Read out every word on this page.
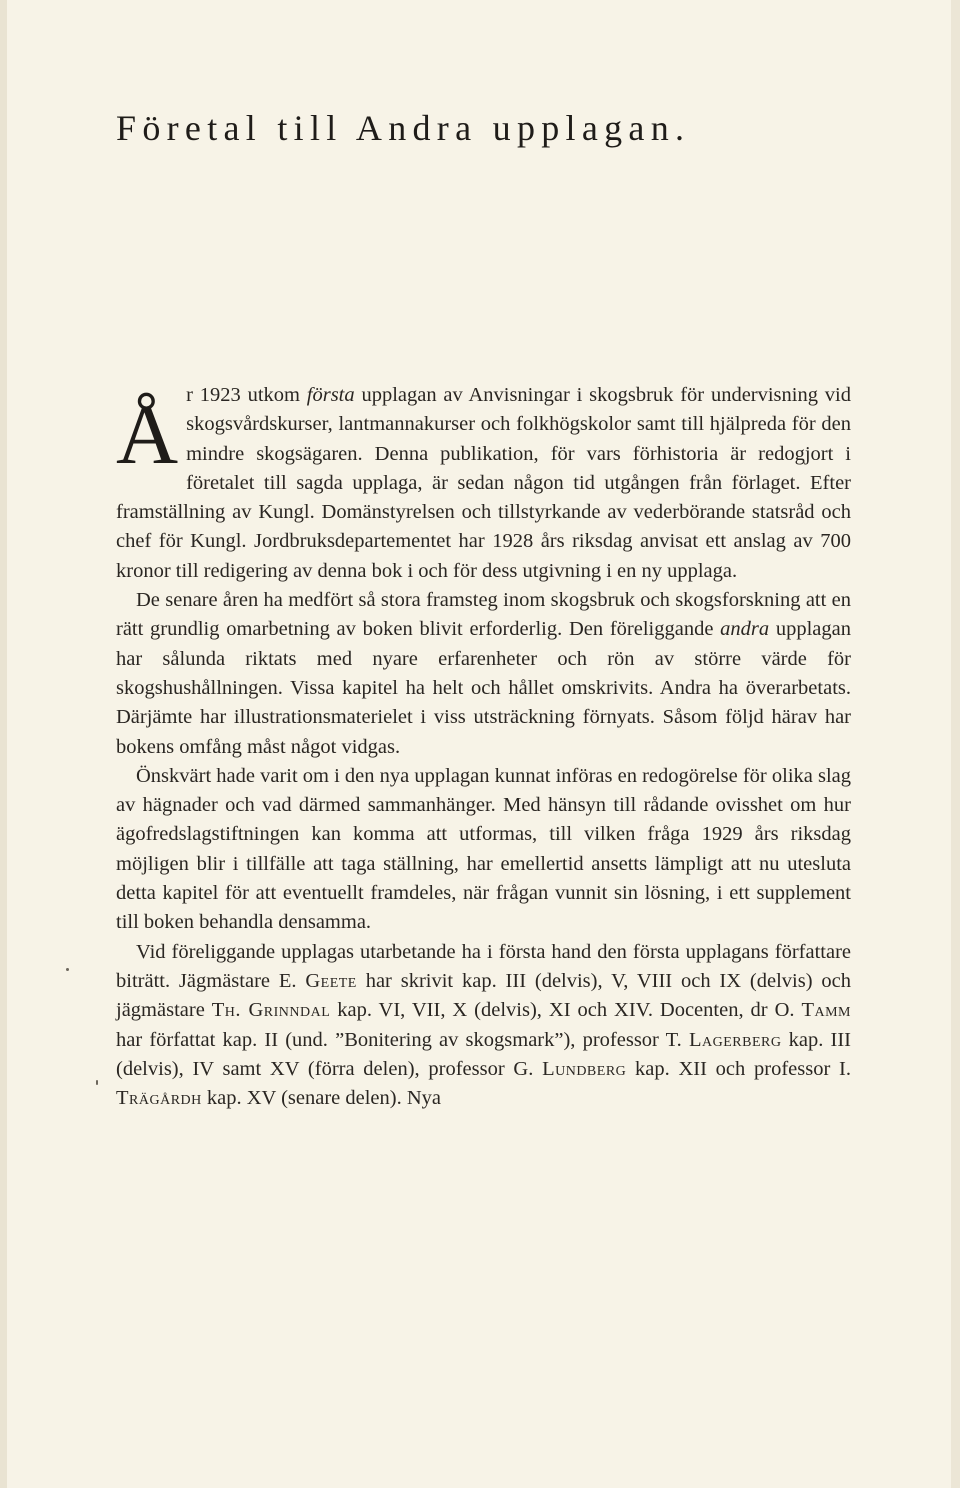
Företal till Andra upplagan.

År 1923 utkom första upplagan av Anvisningar i skogsbruk för undervisning vid skogsvårdskurser, lantmannakurser och folkhögskolor samt till hjälpreda för den mindre skogsägaren. Denna publikation, för vars förhistoria är redogjort i företalet till sagda upplaga, är sedan någon tid utgången från förlaget. Efter framställning av Kungl. Domänstyrelsen och tillstyrkande av vederbörande statsråd och chef för Kungl. Jordbruksdepartementet har 1928 års riksdag anvisat ett anslag av 700 kronor till redigering av denna bok i och för dess utgivning i en ny upplaga.

De senare åren ha medfört så stora framsteg inom skogsbruk och skogsforskning att en rätt grundlig omarbetning av boken blivit erforderlig. Den föreliggande andra upplagan har sålunda riktats med nyare erfarenheter och rön av större värde för skogshushållningen. Vissa kapitel ha helt och hållet omskrivits. Andra ha överarbetats. Därjämte har illustrationsmaterielet i viss utsträckning förnyats. Såsom följd härav har bokens omfång måst något vidgas.

Önskvärt hade varit om i den nya upplagan kunnat införas en redogörelse för olika slag av hägnader och vad därmed sammanhänger. Med hänsyn till rådande ovisshet om hur ägofredslagstiftningen kan komma att utformas, till vilken fråga 1929 års riksdag möjligen blir i tillfälle att taga ställning, har emellertid ansetts lämpligt att nu utesluta detta kapitel för att eventuellt framdeles, när frågan vunnit sin lösning, i ett supplement till boken behandla densamma.

Vid föreliggande upplagas utarbetande ha i första hand den första upplagans författare biträtt. Jägmästare E. Geete har skrivit kap. III (delvis), V, VIII och IX (delvis) och jägmästare Th. Grinndal kap. VI, VII, X (delvis), XI och XIV. Docenten, dr O. Tamm har författat kap. II (und. ”Bonitering av skogsmark”), professor T. Lagerberg kap. III (delvis), IV samt XV (förra delen), professor G. Lundberg kap. XII och professor I. Trägårdh kap. XV (senare delen). Nya
